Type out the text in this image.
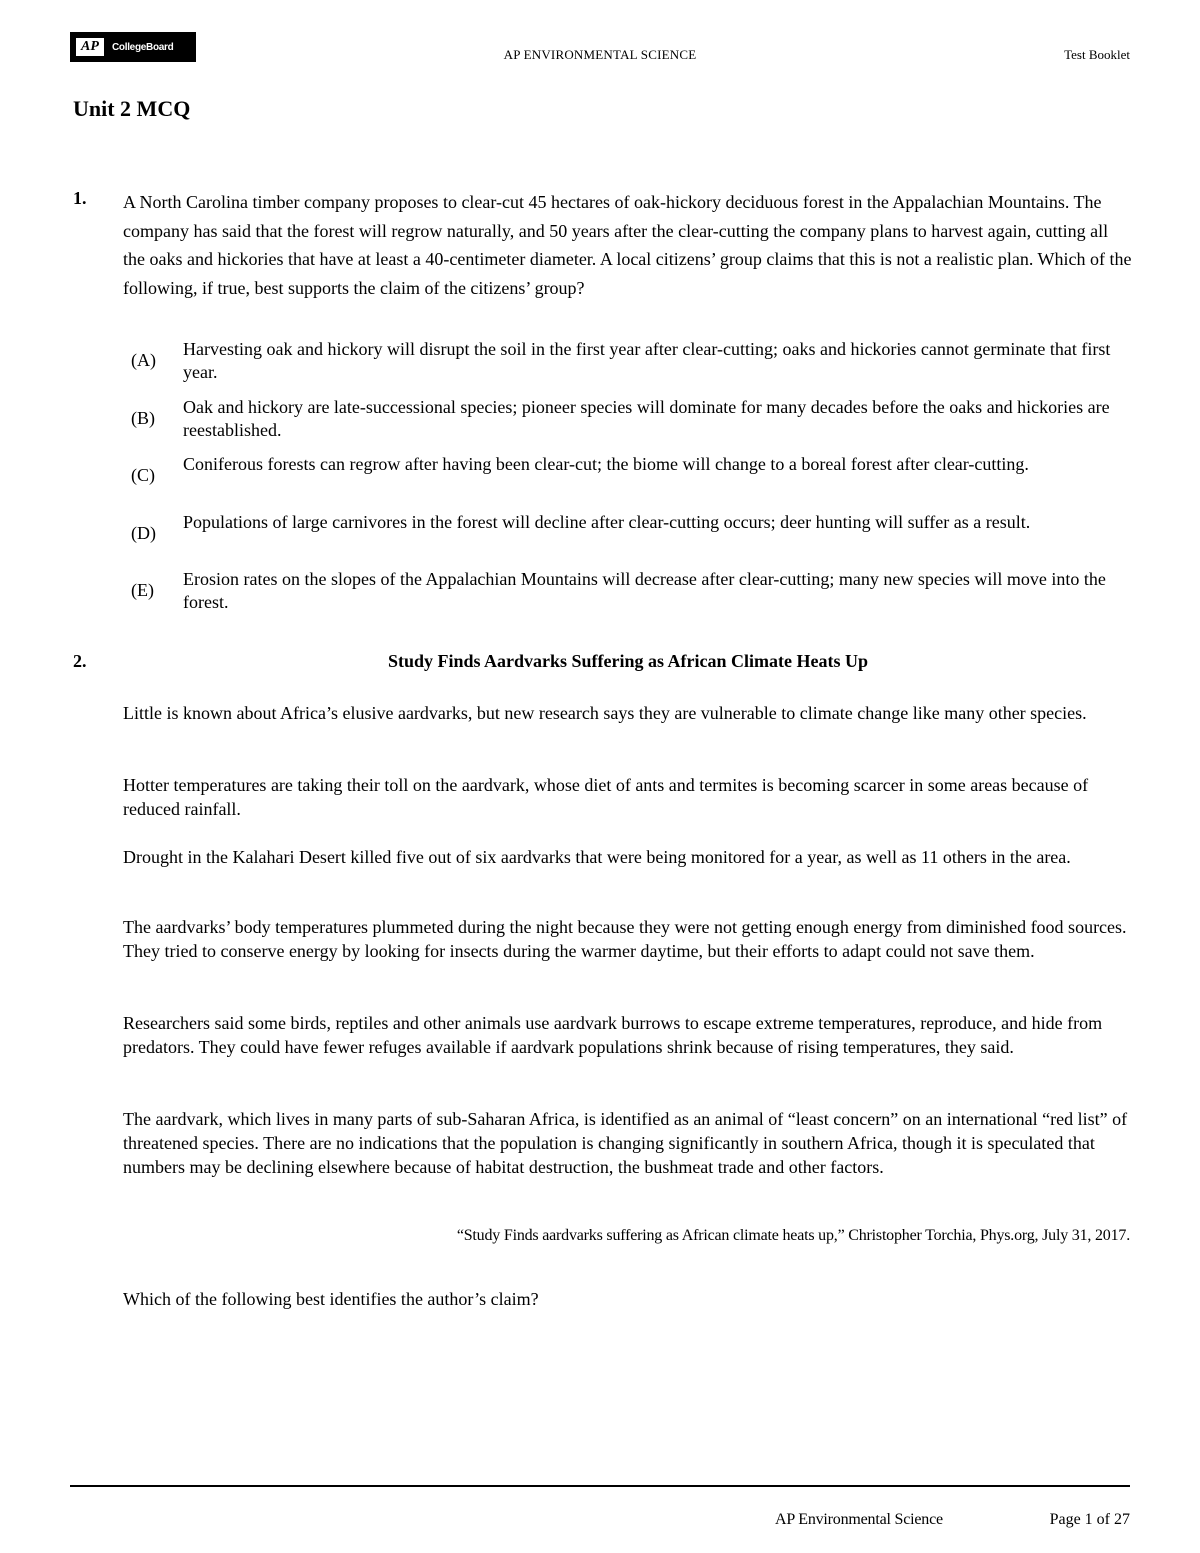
AP	CollegeBoard	AP ENVIRONMENTAL SCIENCE	Test Booklet
Unit 2 MCQ
1. A North Carolina timber company proposes to clear-cut 45 hectares of oak-hickory deciduous forest in the Appalachian Mountains. The company has said that the forest will regrow naturally, and 50 years after the clear-cutting the company plans to harvest again, cutting all the oaks and hickories that have at least a 40-centimeter diameter. A local citizens’ group claims that this is not a realistic plan. Which of the following, if true, best supports the claim of the citizens’ group?

(A)
Harvesting oak and hickory will disrupt the soil in the first year after clear-cutting; oaks and hickories cannot germinate that first year.
(B)
Oak and hickory are late-successional species; pioneer species will dominate for many decades before the oaks and hickories are reestablished.
(C)
Coniferous forests can regrow after having been clear-cut; the biome will change to a boreal forest after clear-cutting.
(D)
Populations of large carnivores in the forest will decline after clear-cutting occurs; deer hunting will suffer as a result.
(E)
Erosion rates on the slopes of the Appalachian Mountains will decrease after clear-cutting; many new species will move into the forest.
2.	Study Finds Aardvarks Suffering as African Climate Heats Up

Little is known about Africa’s elusive aardvarks, but new research says they are vulnerable to climate change like many other species.

Hotter temperatures are taking their toll on the aardvark, whose diet of ants and termites is becoming scarcer in some areas because of reduced rainfall.

Drought in the Kalahari Desert killed five out of six aardvarks that were being monitored for a year, as well as 11 others in the area.

The aardvarks’ body temperatures plummeted during the night because they were not getting enough energy from diminished food sources. They tried to conserve energy by looking for insects during the warmer daytime, but their efforts to adapt could not save them.

Researchers said some birds, reptiles and other animals use aardvark burrows to escape extreme temperatures, reproduce, and hide from predators. They could have fewer refuges available if aardvark populations shrink because of rising temperatures, they said.

The aardvark, which lives in many parts of sub-Saharan Africa, is identified as an animal of “least concern” on an international “red list” of threatened species. There are no indications that the population is changing significantly in southern Africa, though it is speculated that numbers may be declining elsewhere because of habitat destruction, the bushmeat trade and other factors.

“Study Finds aardvarks suffering as African climate heats up,” Christopher Torchia, Phys.org, July 31, 2017.
Which of the following best identifies the author’s claim?
AP Environmental Science	Page 1 of 27
